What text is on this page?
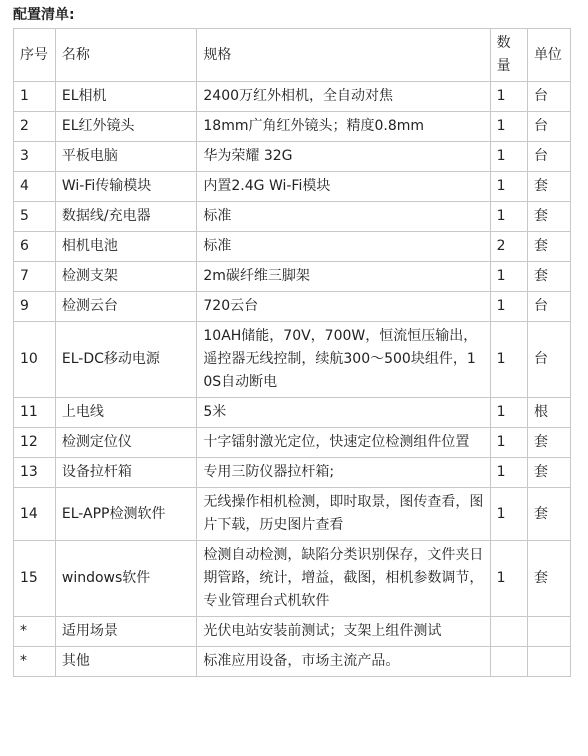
配置清单:
序号	名称	规格	数量	单位
1	EL相机	2400万红外相机，全自动对焦	1	台
2	EL红外镜头	18mm广角红外镜头；精度0.8mm	1	台
3	平板电脑	华为荣耀 32G	1	台
4	Wi-Fi传输模块	内置2.4G Wi-Fi模块	1	套
5	数据线/充电器	标准	1	套
6	相机电池	标准	2	套
7	检测支架	2m碳纤维三脚架	1	套
9	检测云台	720云台	1	台
10	EL-DC移动电源	10AH储能，70V，700W，恒流恒压输出，遥控器无线控制，续航300～500块组件，10S自动断电	1	台
11	上电线	5米	1	根
12	检测定位仪	十字镭射激光定位，快速定位检测组件位置	1	套
13	设备拉杆箱	专用三防仪器拉杆箱;	1	套
14	EL-APP检测软件	无线操作相机检测，即时取景，图传查看，图片下载，历史图片查看	1	套
15	windows软件	检测自动检测，缺陷分类识别保存，文件夹日期管路，统计，增益，截图，相机参数调节，专业管理台式机软件	1	套
*	适用场景	光伏电站安装前测试；支架上组件测试		
*	其他	标准应用设备，市场主流产品。		
